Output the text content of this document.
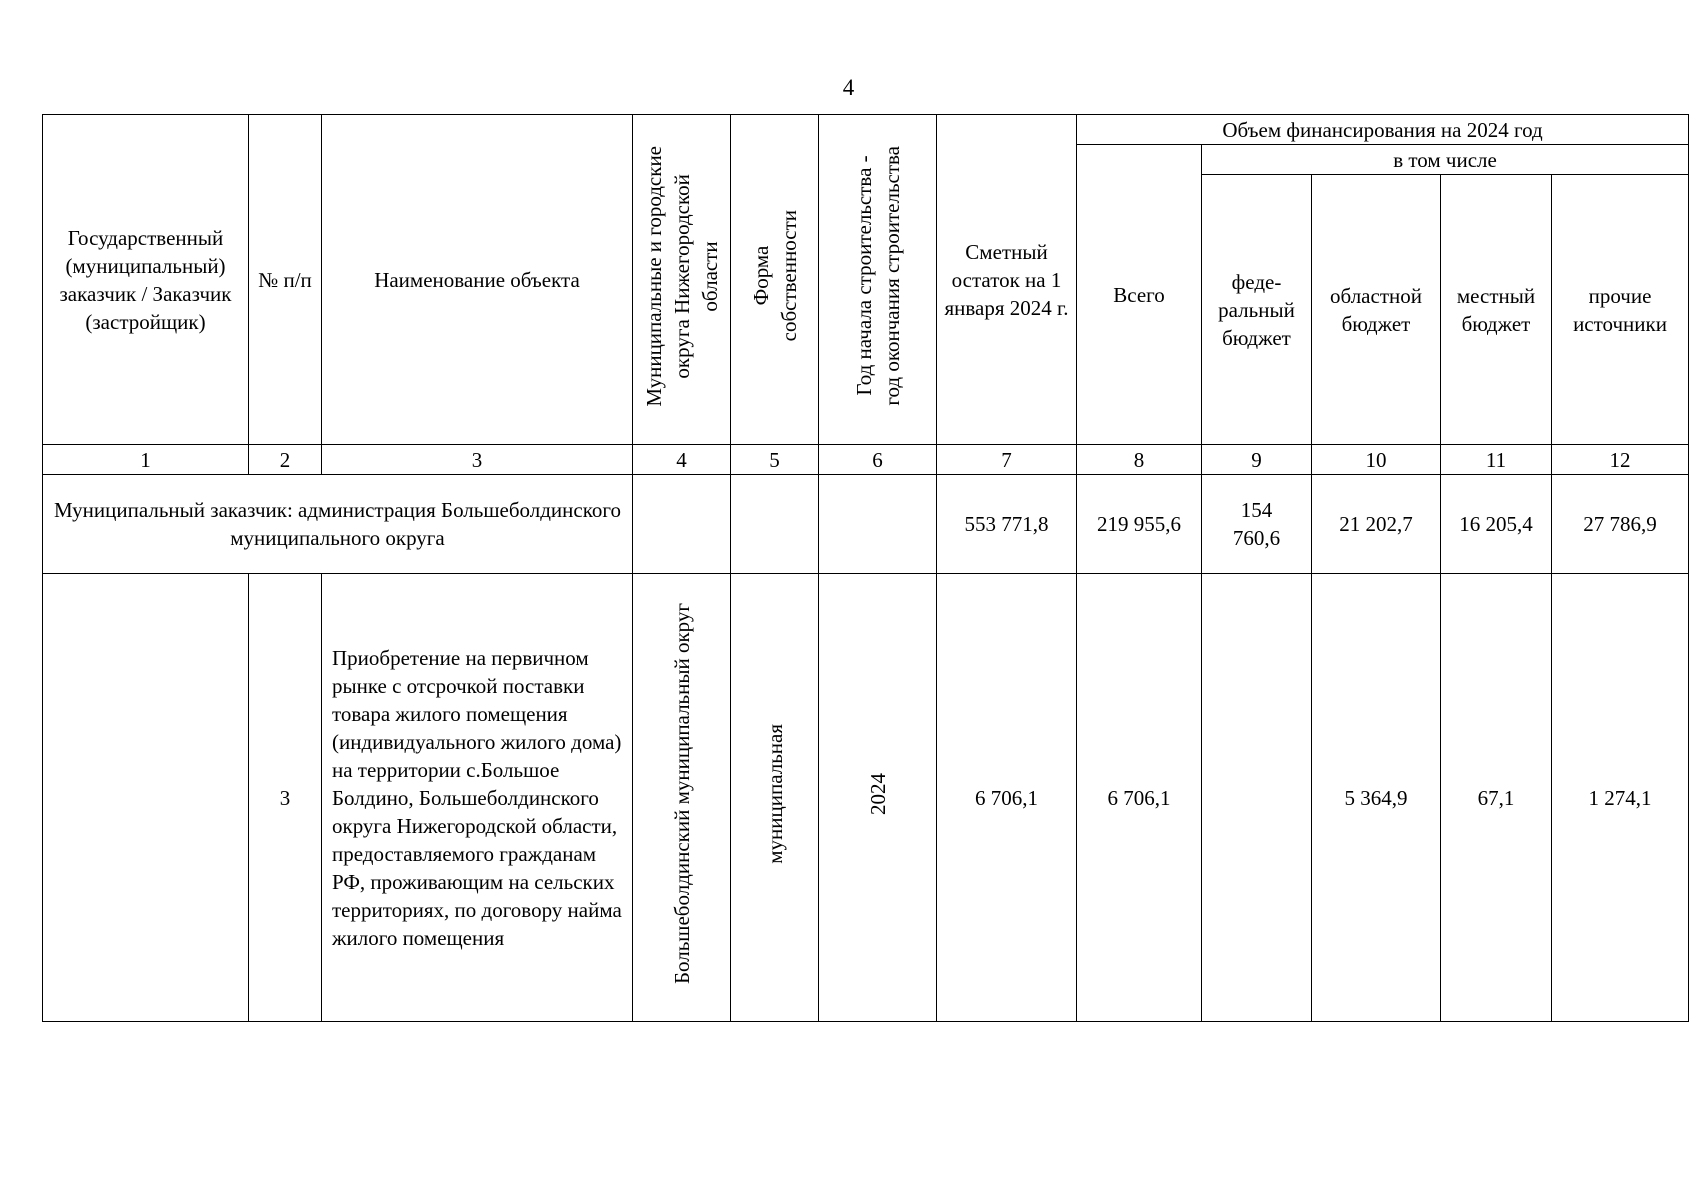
4
Государственный (муниципальный) заказчик / Заказчик (застройщик)	№ п/п	Наименование объекта	Муниципальные и городские округа Нижегородской области	Форма собственности	Год начала строительства - год окончания строительства	Сметный остаток на 1 января 2024 г.	Объем финансирования на 2024 год				
							Всего	в том числе			
								феде-ральный бюджет	областной бюджет	местный бюджет	прочие источники
1	2	3	4	5	6	7	8	9	10	11	12
Муниципальный заказчик: администрация Большеболдинского муниципального округа						553 771,8	219 955,6	154 760,6	21 202,7	16 205,4	27 786,9
	3	Приобретение на первичном рынке с отсрочкой поставки товара жилого помещения (индивидуального жилого дома) на территории с.Большое Болдино, Большеболдинского округа Нижегородской области, предоставляемого гражданам РФ, проживающим на сельских территориях, по договору найма жилого помещения	Большеболдинский муниципальный округ	муниципальная	2024	6 706,1	6 706,1		5 364,9	67,1	1 274,1
